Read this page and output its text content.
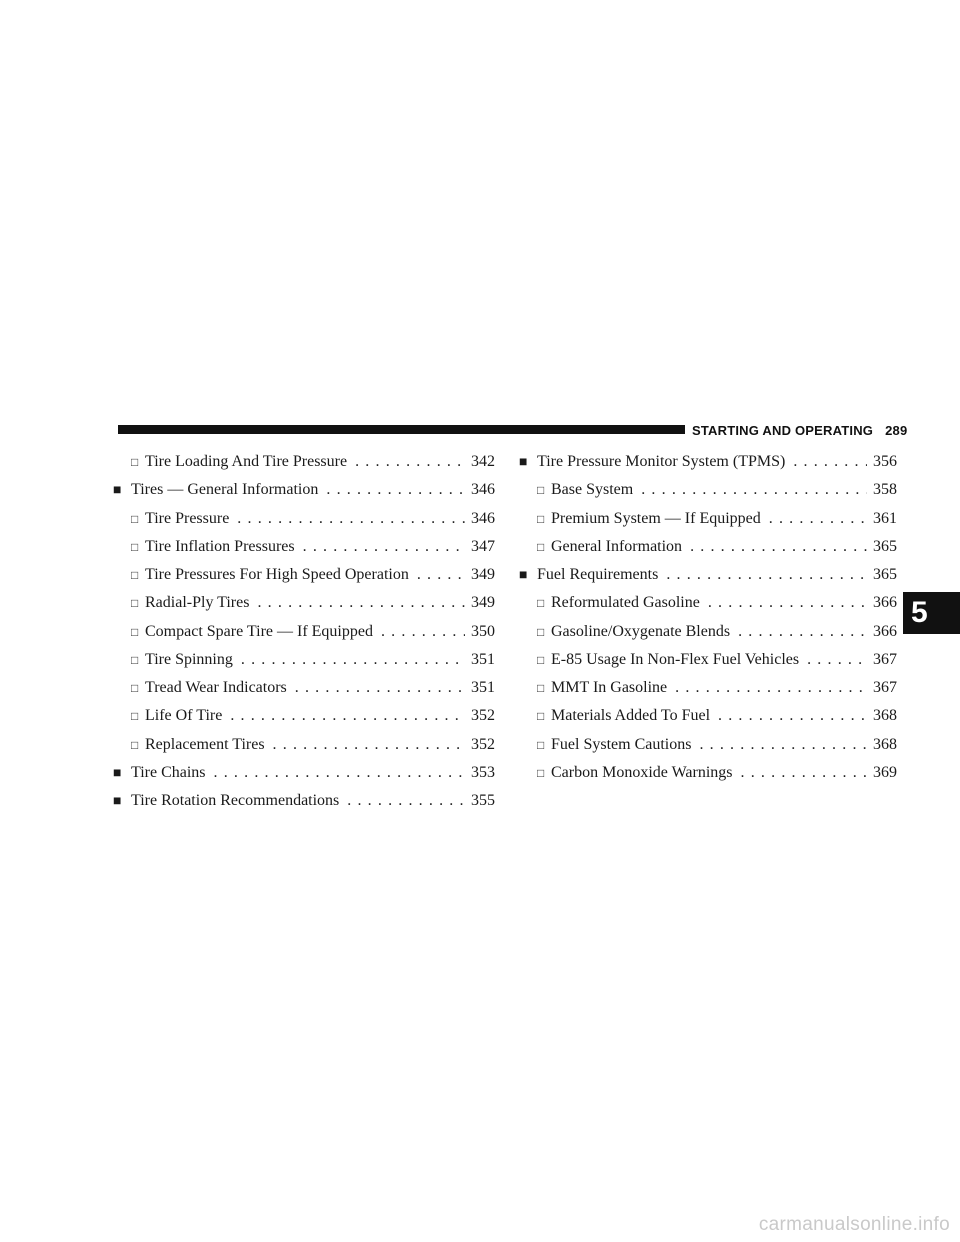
STARTING AND OPERATING 289
5
□ Tire Loading And Tire Pressure . . .	342
■ Tires — General Information . . .	346
□ Tire Pressure . . .	346
□ Tire Inflation Pressures . . .	347
□ Tire Pressures For High Speed Operation . . .	349
□ Radial-Ply Tires . . .	349
□ Compact Spare Tire — If Equipped . . .	350
□ Tire Spinning . . .	351
□ Tread Wear Indicators . . .	351
□ Life Of Tire . . .	352
□ Replacement Tires . . .	352
■ Tire Chains . . .	353
■ Tire Rotation Recommendations . . .	355
■ Tire Pressure Monitor System (TPMS) . . .	356
□ Base System . . .	358
□ Premium System — If Equipped . . .	361
□ General Information . . .	365
■ Fuel Requirements . . .	365
□ Reformulated Gasoline . . .	366
□ Gasoline/Oxygenate Blends . . .	366
□ E-85 Usage In Non-Flex Fuel Vehicles . . .	367
□ MMT In Gasoline . . .	367
□ Materials Added To Fuel . . .	368
□ Fuel System Cautions . . .	368
□ Carbon Monoxide Warnings . . .	369
carmanualsonline.info
